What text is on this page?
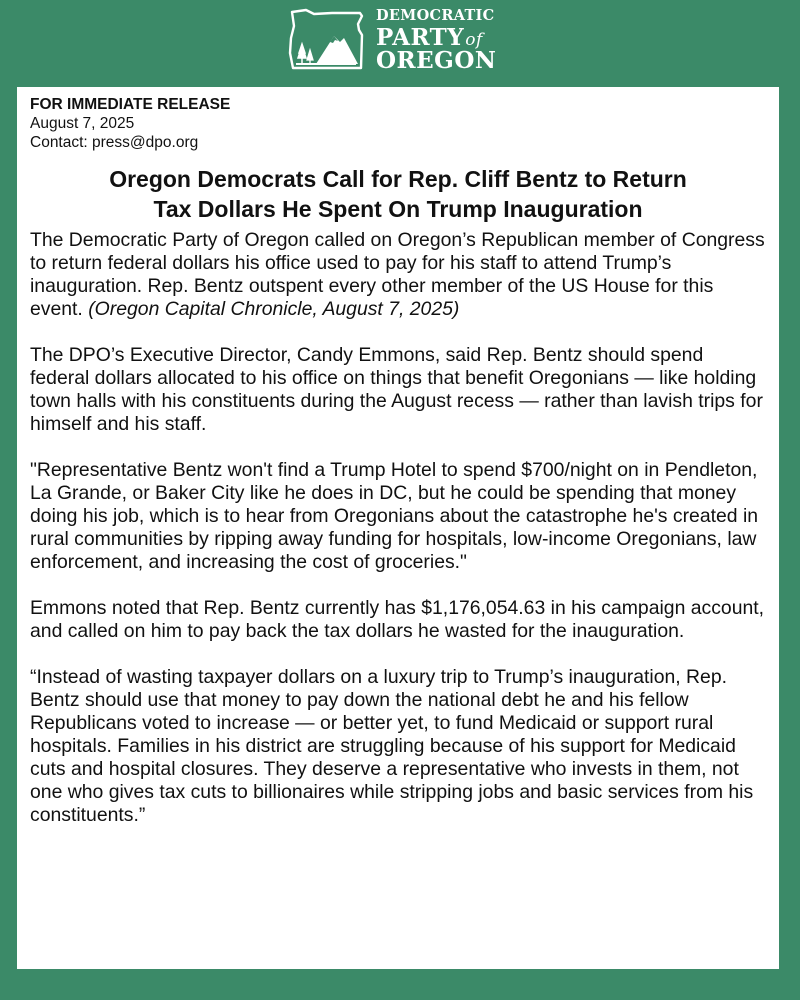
DEMOCRATIC
PARTYof
OREGON
FOR IMMEDIATE RELEASE
August 7, 2025
Contact: press@dpo.org
Oregon Democrats Call for Rep. Cliff Bentz to Return
Tax Dollars He Spent On Trump Inauguration

The Democratic Party of Oregon called on Oregon’s Republican member of Congress to return federal dollars his office used to pay for his staff to attend Trump’s inauguration. Rep. Bentz outspent every other member of the US House for this event. (Oregon Capital Chronicle, August 7, 2025)

The DPO’s Executive Director, Candy Emmons, said Rep. Bentz should spend federal dollars allocated to his office on things that benefit Oregonians — like holding town halls with his constituents during the August recess — rather than lavish trips for himself and his staff.

"Representative Bentz won't find a Trump Hotel to spend $700/night on in Pendleton, La Grande, or Baker City like he does in DC, but he could be spending that money doing his job, which is to hear from Oregonians about the catastrophe he's created in rural communities by ripping away funding for hospitals, low-income Oregonians, law enforcement, and increasing the cost of groceries."

Emmons noted that Rep. Bentz currently has $1,176,054.63 in his campaign account, and called on him to pay back the tax dollars he wasted for the inauguration.

“Instead of wasting taxpayer dollars on a luxury trip to Trump’s inauguration, Rep. Bentz should use that money to pay down the national debt he and his fellow Republicans voted to increase — or better yet, to fund Medicaid or support rural hospitals. Families in his district are struggling because of his support for Medicaid cuts and hospital closures. They deserve a representative who invests in them, not one who gives tax cuts to billionaires while stripping jobs and basic services from his constituents.”
